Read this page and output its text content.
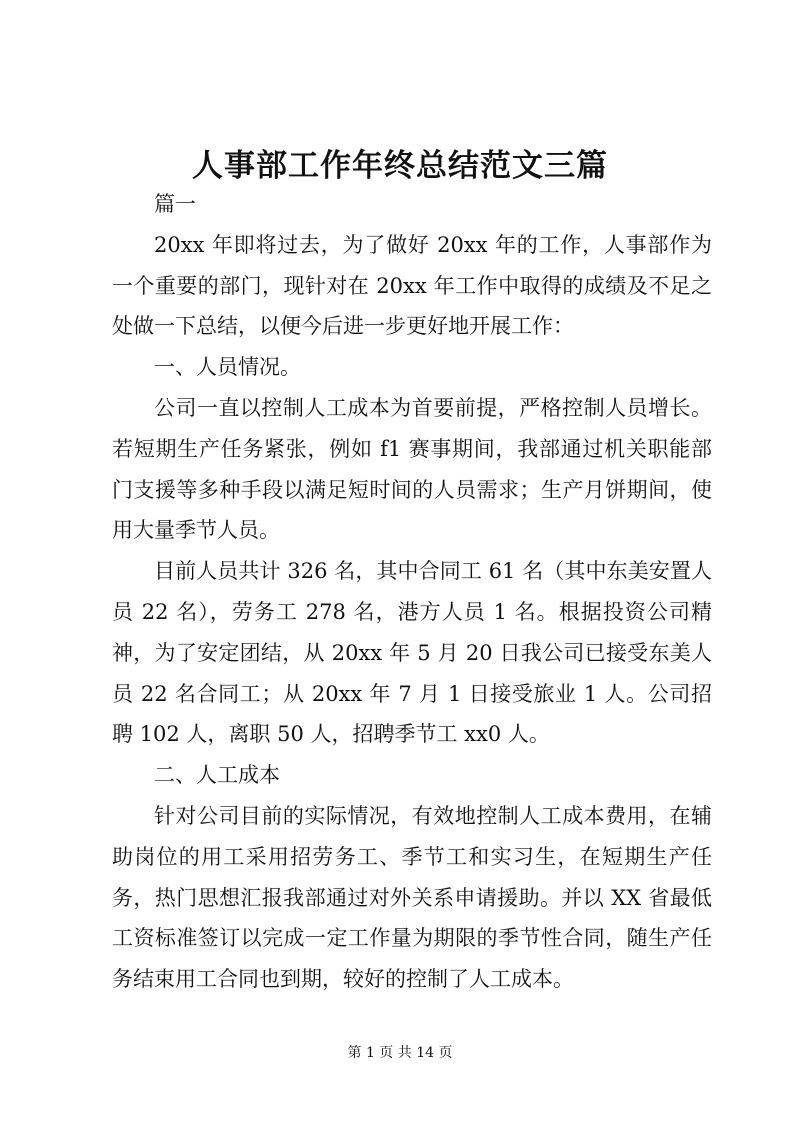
人事部工作年终总结范文三篇

篇一

20xx 年即将过去，为了做好 20xx 年的工作，人事部作为一个重要的部门，现针对在 20xx 年工作中取得的成绩及不足之处做一下总结，以便今后进一步更好地开展工作：

一、人员情况。

公司一直以控制人工成本为首要前提，严格控制人员增长。若短期生产任务紧张，例如 f1 赛事期间，我部通过机关职能部门支援等多种手段以满足短时间的人员需求；生产月饼期间，使用大量季节人员。

目前人员共计 326 名，其中合同工 61 名（其中东美安置人员 22 名），劳务工 278 名，港方人员 1 名。根据投资公司精神，为了安定团结，从 20xx 年 5 月 20 日我公司已接受东美人员 22 名合同工；从 20xx 年 7 月 1 日接受旅业 1 人。公司招聘 102 人，离职 50 人，招聘季节工 xx0 人。

二、人工成本

针对公司目前的实际情况，有效地控制人工成本费用，在辅助岗位的用工采用招劳务工、季节工和实习生，在短期生产任务，热门思想汇报我部通过对外关系申请援助。并以 XX 省最低工资标准签订以完成一定工作量为期限的季节性合同，随生产任务结束用工合同也到期，较好的控制了人工成本。

第 1 页 共 14 页
